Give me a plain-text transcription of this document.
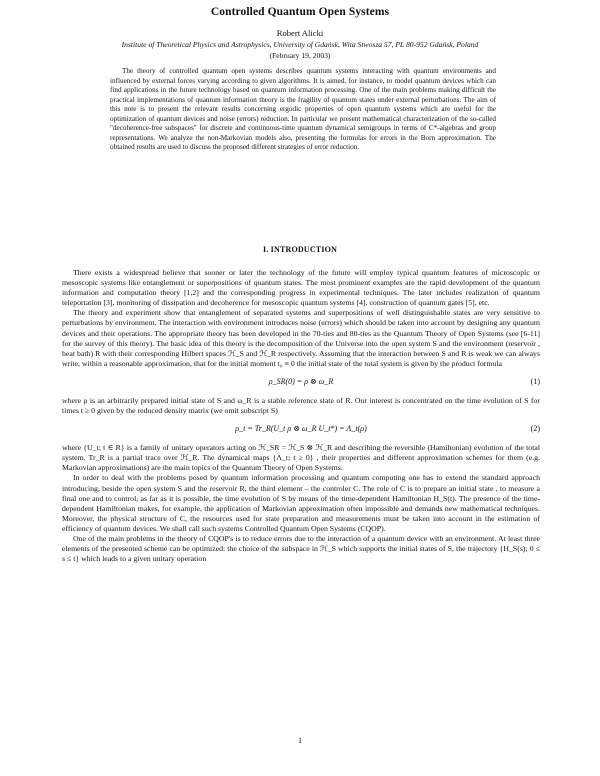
Controlled Quantum Open Systems
Robert Alicki
Institute of Theoretical Physics and Astrophysics, University of Gdańsk, Wita Stwosza 57, PL 80-952 Gdańsk, Poland
(February 19, 2003)

The theory of controlled quantum open systems describes quantum systems interacting with quantum environments and influenced by external forces varying according to given algorithms. It is aimed, for instance, to model quantum devices which can find applications in the future technology based on quantum information processing. One of the main problems making difficult the practical implementations of quantum information theory is the fragility of quantum states under external perturbations. The aim of this note is to present the relevant results concerning ergodic properties of open quantum systems which are useful for the optimization of quantum devices and noise (errors) reduction. In particular we present mathematical characterization of the so-called "decoherence-free subspaces" for discrete and continuous-time quantum dynamical semigroups in terms of C*-algebras and group representations. We analyze the non-Markovian models also, presenting the formulas for errors in the Born approximation. The obtained results are used to discuss the proposed different strategies of error reduction.

I. INTRODUCTION

There exists a widespread believe that sooner or later the technology of the future will employ typical quantum features of microscopic or mesoscopic systems like entanglement or superpositions of quantum states. The most prominent examples are the rapid development of the quantum information and computation theory [1,2] and the corresponding progress in experimental techniques. The later includes realization of quantum teleportation [3], monitoring of dissipation and decoherence for mesoscopic quantum systems [4], construction of quantum gates [5], etc.

The theory and experiment show that entanglement of separated systems and superpositions of well distinguishable states are very sensitive to perturbations by environment. The interaction with environment introduces noise (errors) which should be taken into account by designing any quantum devices and their operations. The appropriate theory has been developed in the 70-ties and 80-ties as the Quantum Theory of Open Systems (see [6-11] for the survey of this theory). The basic idea of this theory is the decomposition of the Universe into the open system S and the environment (reservoir , heat bath) R with their corresponding Hilbert spaces ℋ_S and ℋ_R respectively. Assuming that the interaction between S and R is weak we can always write, within a reasonable approximation, that for the initial moment t₀ ≡ 0 the initial state of the total system is given by the product formula

ρ_SR(0) = ρ ⊗ ω_R	(1)

where ρ is an arbitrarily prepared initial state of S and ω_R is a stable reference state of R. Our interest is concentrated on the time evolution of S for times t ≥ 0 given by the reduced density matrix (we omit subscript S)

ρ_t = Tr_R(U_t ρ ⊗ ω_R U_t*) = Λ_t(ρ)	(2)

where {U_t; t ∈ R} is a family of unitary operators acting on ℋ_SR = ℋ_S ⊗ ℋ_R and describing the reversible (Hamiltonian) evolution of the total system. Tr_R is a partial trace over ℋ_R. The dynamical maps {Λ_t; t ≥ 0} , their properties and different approximation schemes for them (e.g. Markovian approximations) are the main topics of the Quantum Theory of Open Systems.

In order to deal with the problems posed by quantum information processing and quantum computing one has to extend the standard approach introducing, beside the open system S and the reservoir R, the third element – the controler C. The role of C is to prepare an initial state , to measure a final one and to control, as far as it is possible, the time evolution of S by means of the time-dependent Hamiltonian H_S(t). The presence of the time-dependent Hamiltonian makes, for example, the application of Markovian approximation often impossible and demands new mathematical techniques. Moreover, the physical structure of C, the resources used for state preparation and measurements must be taken into account in the estimation of efficiency of quantum devices. We shall call such systems Controlled Quantum Open Systems (CQOP).

One of the main problems in the theory of CQOP's is to reduce errors due to the interaction of a quantum device with an environment. At least three elements of the presented scheme can be optimized: the choice of the subspace in ℋ_S which supports the initial states of S, the trajectory {H_S(s); 0 ≤ s ≤ t} which leads to a given unitary operation

1
